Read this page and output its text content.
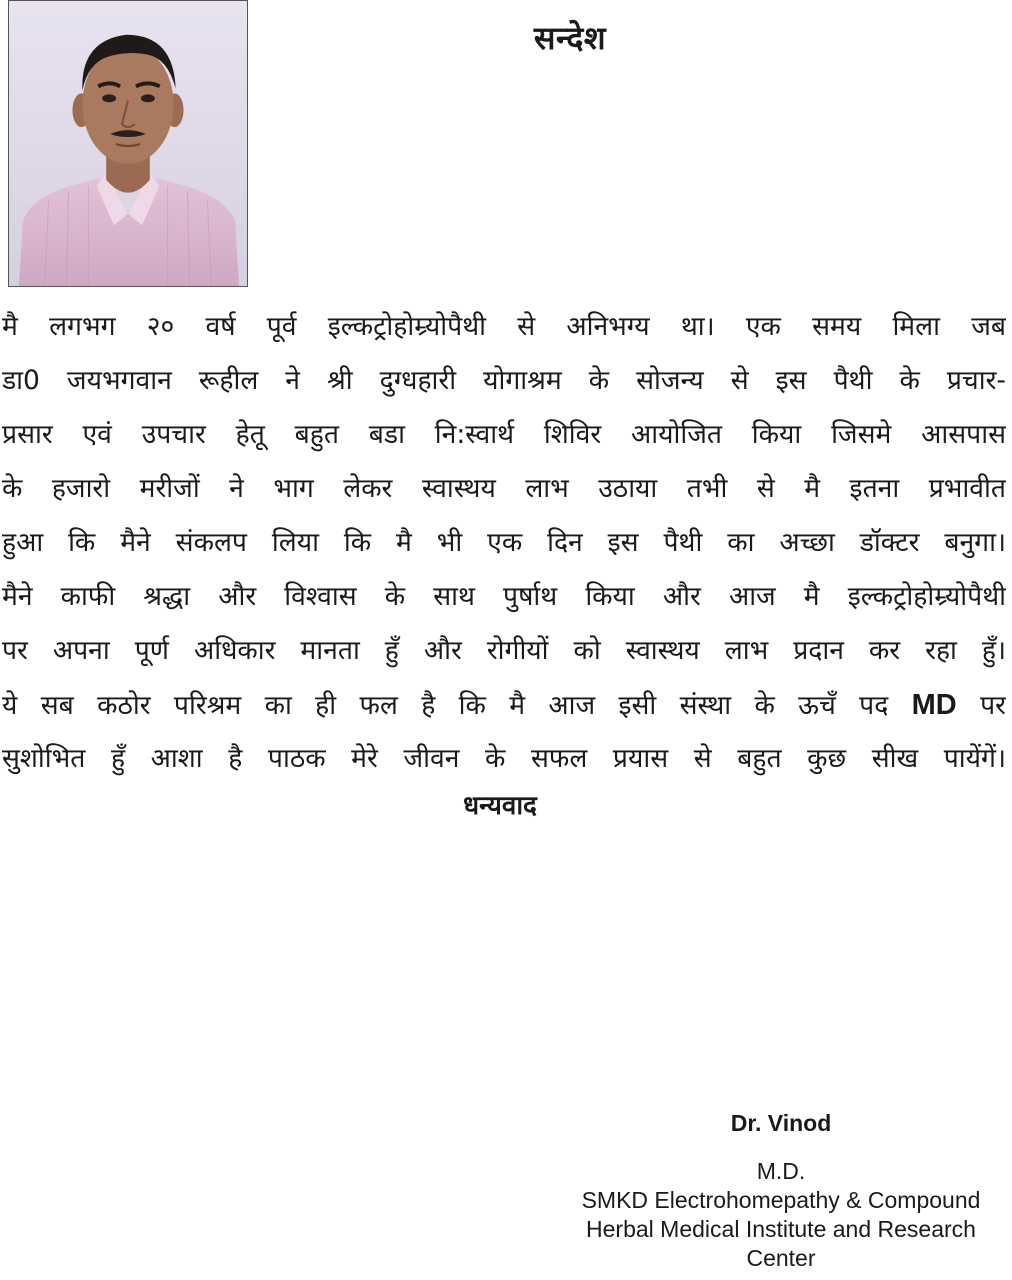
सन्देश
मै लगभग २० वर्ष पूर्व इल्कट्रोहोम्र्योपैथी से अनिभग्य था। एक समय मिला जब
डा0 जयभगवान रूहील ने श्री दुग्धहारी योगाश्रम के सोजन्य से इस पैथी के प्रचार-
प्रसार एवं उपचार हेतू बहुत बडा नि:स्वार्थ शिविर आयोजित किया जिसमे आसपास
के हजारो मरीजों ने भाग लेकर स्वास्थय लाभ उठाया तभी से मै इतना प्रभावीत
हुआ कि मैने संकलप लिया कि मै भी एक दिन इस पैथी का अच्छा डॉक्टर बनुगा।
मैने काफी श्रद्धा और विश्वास के साथ पुर्षाथ किया और आज मै इल्कट्रोहोम्र्योपैथी
पर अपना पूर्ण अधिकार मानता हुँ और रोगीयों को स्वास्थय लाभ प्रदान कर रहा हुँ।
ये सब कठोर परिश्रम का ही फल है कि मै आज इसी संस्था के ऊचँ पद MD पर
सुशोभित हुँ आशा है पाठक मेरे जीवन के सफल प्रयास से बहुत कुछ सीख पायेंगें।
धन्यवाद
Dr. Vinod
M.D.
SMKD Electrohomepathy & Compound
Herbal Medical Institute and Research
Center
